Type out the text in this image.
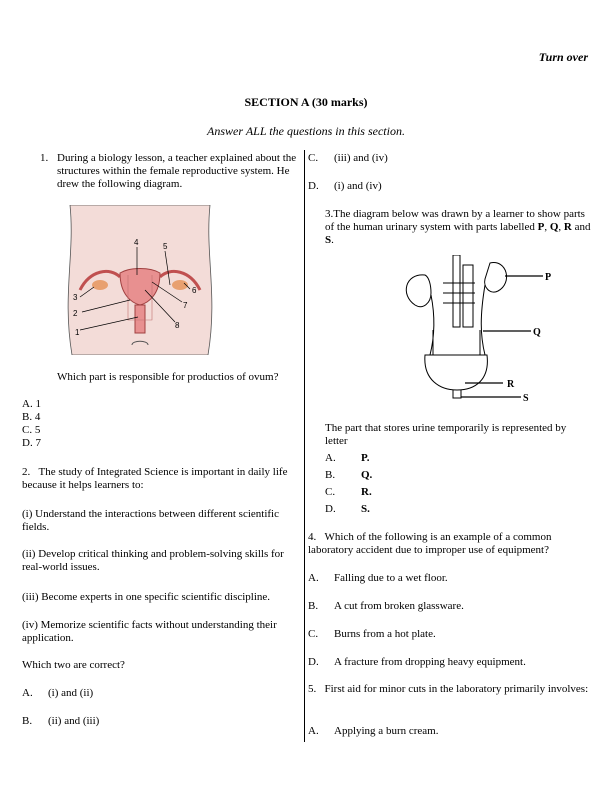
Turn over
SECTION A (30 marks)
Answer ALL the questions in this section.
1. During a biology lesson, a teacher explained about the structures within the female reproductive system. He drew the following diagram.
1
2
3
4	5
6
7
8
Which part is responsible for productios of ovum?
A. 1
B. 4
C. 5
D. 7
2. The study of Integrated Science is important in daily life because it helps learners to:
(i) Understand the interactions between different scientific fields.
(ii) Develop critical thinking and problem-solving skills for real-world issues.
(iii) Become experts in one specific scientific discipline.
(iv) Memorize scientific facts without understanding their application.
Which two are correct?
A. (i) and (ii)
B. (ii) and (iii)
C. (iii) and (iv)
D. (i) and (iv)
3.The diagram below was drawn by a learner to show parts of the human urinary system with parts labelled P, Q, R and S.
P
Q
R
S
The part that stores urine temporarily is represented by letter
A. P.
B. Q.
C. R.
D. S.
4. Which of the following is an example of a common laboratory accident due to improper use of equipment?
A. Falling due to a wet floor.
B. A cut from broken glassware.
C. Burns from a hot plate.
D. A fracture from dropping heavy equipment.
5. First aid for minor cuts in the laboratory primarily involves:
A. Applying a burn cream.
